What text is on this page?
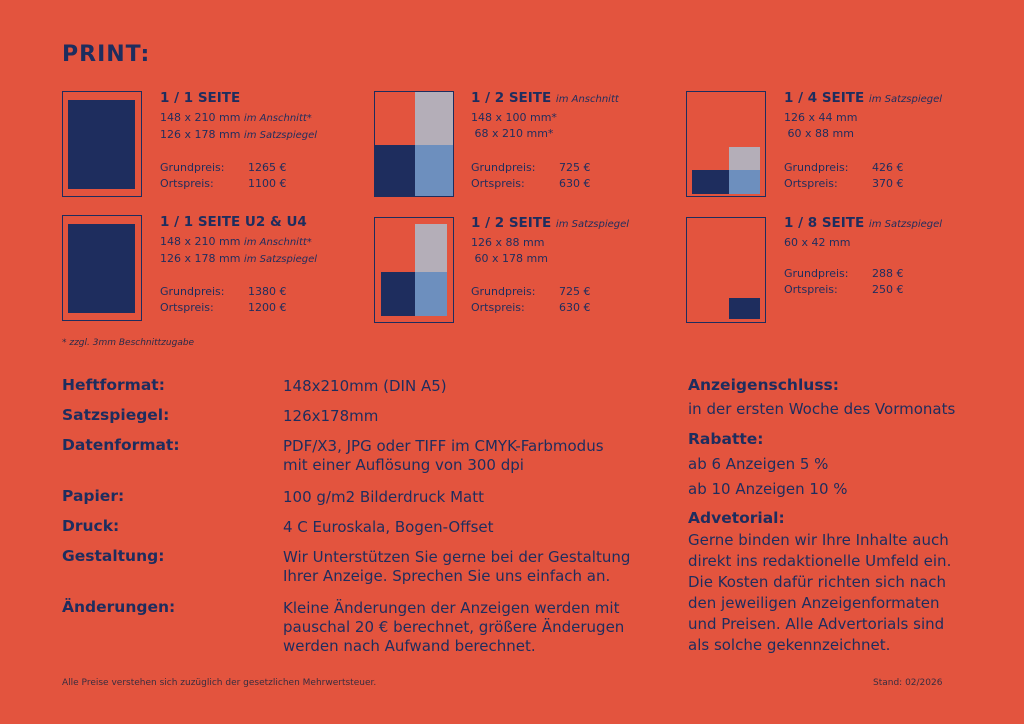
PRINT:
1 / 1 SEITE
148 x 210 mm im Anschnitt*
126 x 178 mm im Satzspiegel
Grundpreis: 1265 €
Ortspreis:	1100 €
1 / 1 SEITE U2 & U4
148 x 210 mm im Anschnitt*
126 x 178 mm im Satzspiegel
Grundpreis: 1380 €
Ortspreis:	1200 €
1 / 2 SEITE im Anschnitt
148 x 100 mm*
68 x 210 mm*
Grundpreis: 725 €
Ortspreis:	630 €
1 / 2 SEITE im Satzspiegel
126 x 88 mm
60 x 178 mm
Grundpreis: 725 €
Ortspreis:	630 €
1 / 4 SEITE im Satzspiegel
126 x 44 mm
60 x 88 mm
Grundpreis: 426 €
Ortspreis:	370 €
1 / 8 SEITE im Satzspiegel
60 x 42 mm
Grundpreis: 288 €
Ortspreis:	250 €
* zzgl. 3mm Beschnittzugabe
Heftformat:	148x210mm (DIN A5)
Satzspiegel:	126x178mm
Datenformat:	PDF/X3, JPG oder TIFF im CMYK-Farbmodus
mit einer Auflösung von 300 dpi
Papier:	100 g/m2 Bilderdruck Matt
Druck:	4 C Euroskala, Bogen-Offset
Gestaltung:	Wir Unterstützen Sie gerne bei der Gestaltung
Ihrer Anzeige. Sprechen Sie uns einfach an.
Änderungen:	Kleine Änderungen der Anzeigen werden mit
pauschal 20 € berechnet, größere Änderugen
werden nach Aufwand berechnet.
Anzeigenschluss:
in der ersten Woche des Vormonats
Rabatte:
ab 6 Anzeigen 5 %
ab 10 Anzeigen 10 %
Advetorial:
Gerne binden wir Ihre Inhalte auch
direkt ins redaktionelle Umfeld ein.
Die Kosten dafür richten sich nach
den jeweiligen Anzeigenformaten
und Preisen. Alle Advertorials sind
als solche gekennzeichnet.
Alle Preise verstehen sich zuzüglich der gesetzlichen Mehrwertsteuer.	Stand: 02/2026
